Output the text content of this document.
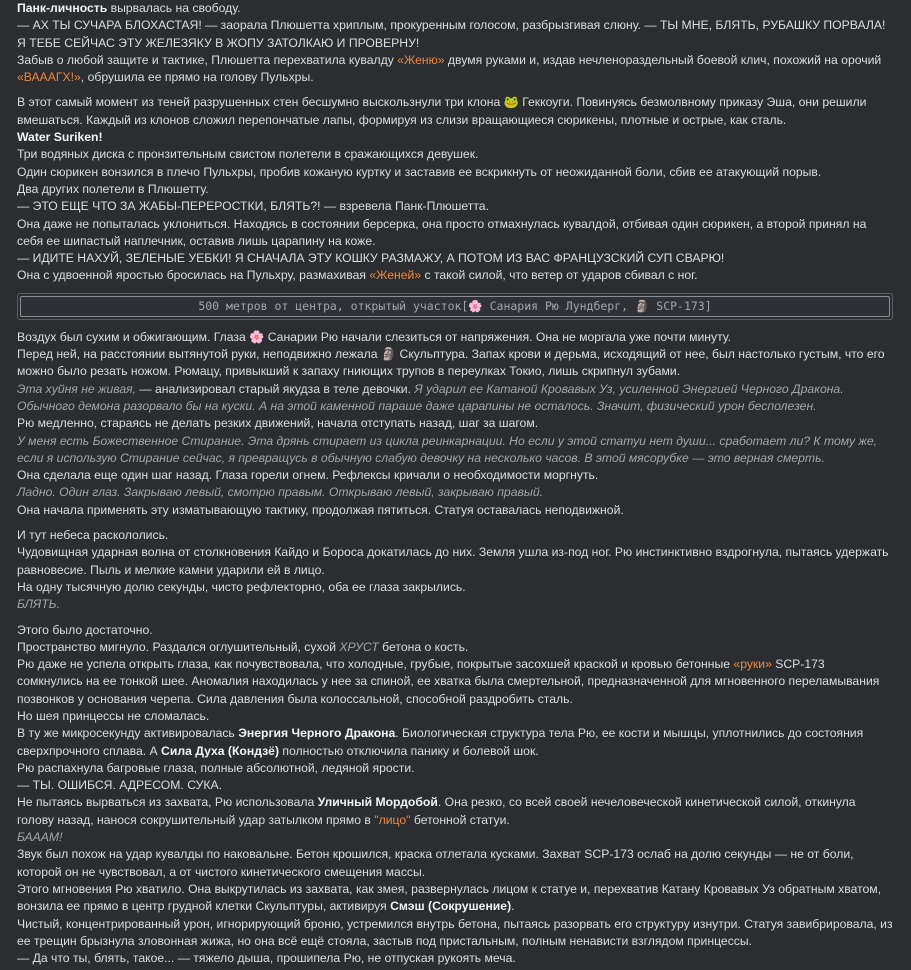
Панк-личность вырвалась на свободу.
— АХ ТЫ СУЧАРА БЛОХАСТАЯ! — заорала Плюшетта хриплым, прокуренным голосом, разбрызгивая слюну. — ТЫ МНЕ, БЛЯТЬ, РУБАШКУ ПОРВАЛА! Я ТЕБЕ СЕЙЧАС ЭТУ ЖЕЛЕЗЯКУ В ЖОПУ ЗАТОЛКАЮ И ПРОВЕРНУ!
Забыв о любой защите и тактике, Плюшетта перехватила кувалду «Женю» двумя руками и, издав нечленораздельный боевой клич, похожий на орочий «ВАААГХ!», обрушила ее прямо на голову Пульхры.
В этот самый момент из теней разрушенных стен бесшумно выскользнули три клона 🐸 Геккоуги. Повинуясь безмолвному приказу Эша, они решили вмешаться. Каждый из клонов сложил перепончатые лапы, формируя из слизи вращающиеся сюрикены, плотные и острые, как сталь.
Water Suriken!
Три водяных диска с пронзительным свистом полетели в сражающихся девушек.
Один сюрикен вонзился в плечо Пульхры, пробив кожаную куртку и заставив ее вскрикнуть от неожиданной боли, сбив ее атакующий порыв.
Два других полетели в Плюшетту.
— ЭТО ЕЩЕ ЧТО ЗА ЖАБЫ-ПЕРЕРОСТКИ, БЛЯТЬ?! — взревела Панк-Плюшетта.
Она даже не попыталась уклониться. Находясь в состоянии берсерка, она просто отмахнулась кувалдой, отбивая один сюрикен, а второй принял на себя ее шипастый наплечник, оставив лишь царапину на коже.
— ИДИТЕ НАХУЙ, ЗЕЛЕНЫЕ УЕБКИ! Я СНАЧАЛА ЭТУ КОШКУ РАЗМАЖУ, А ПОТОМ ИЗ ВАС ФРАНЦУЗСКИЙ СУП СВАРЮ!
Она с удвоенной яростью бросилась на Пульхру, размахивая «Женей» с такой силой, что ветер от ударов сбивал с ног.
500 метров от центра, открытый участок[🌸 Санария Рю Лундберг, 🗿 SCP-173]
Воздух был сухим и обжигающим. Глаза 🌸 Санарии Рю начали слезиться от напряжения. Она не моргала уже почти минуту.
Перед ней, на расстоянии вытянутой руки, неподвижно лежала 🗿 Скульптура. Запах крови и дерьма, исходящий от нее, был настолько густым, что его можно было резать ножом. Рюмацу, привыкший к запаху гниющих трупов в переулках Токио, лишь скрипнул зубами.
Эта хуйня не живая, — анализировал старый якудза в теле девочки. Я ударил ее Катаной Кровавых Уз, усиленной Энергией Черного Дракона. Обычного демона разорвало бы на куски. А на этой каменной параше даже царапины не осталось. Значит, физический урон бесполезен.
Рю медленно, стараясь не делать резких движений, начала отступать назад, шаг за шагом.
У меня есть Божественное Стирание. Эта дрянь стирает из цикла реинкарнации. Но если у этой статуи нет души... сработает ли? К тому же, если я использую Стирание сейчас, я превращусь в обычную слабую девочку на несколько часов. В этой мясорубке — это верная смерть.
Она сделала еще один шаг назад. Глаза горели огнем. Рефлексы кричали о необходимости моргнуть.
Ладно. Один глаз. Закрываю левый, смотрю правым. Открываю левый, закрываю правый.
Она начала применять эту изматывающую тактику, продолжая пятиться. Статуя оставалась неподвижной.
И тут небеса раскололись.
Чудовищная ударная волна от столкновения Кайдо и Бороса докатилась до них. Земля ушла из-под ног. Рю инстинктивно вздрогнула, пытаясь удержать равновесие. Пыль и мелкие камни ударили ей в лицо.
На одну тысячную долю секунды, чисто рефлекторно, оба ее глаза закрылись.
БЛЯТЬ.
Этого было достаточно.
Пространство мигнуло. Раздался оглушительный, сухой ХРУСТ бетона о кость.
Рю даже не успела открыть глаза, как почувствовала, что холодные, грубые, покрытые засохшей краской и кровью бетонные «руки» SCP-173 сомкнулись на ее тонкой шее. Аномалия находилась у нее за спиной, ее хватка была смертельной, предназначенной для мгновенного переламывания позвонков у основания черепа. Сила давления была колоссальной, способной раздробить сталь.
Но шея принцессы не сломалась.
В ту же микросекунду активировалась Энергия Черного Дракона. Биологическая структура тела Рю, ее кости и мышцы, уплотнились до состояния сверхпрочного сплава. А Сила Духа (Кондзё) полностью отключила панику и болевой шок.
Рю распахнула багровые глаза, полные абсолютной, ледяной ярости.
— ТЫ. ОШИБСЯ. АДРЕСОМ. СУКА.
Не пытаясь вырваться из захвата, Рю использовала Уличный Мордобой. Она резко, со всей своей нечеловеческой кинетической силой, откинула голову назад, нанося сокрушительный удар затылком прямо в "лицо" бетонной статуи.
БАААМ!
Звук был похож на удар кувалды по наковальне. Бетон крошился, краска отлетала кусками. Захват SCP-173 ослаб на долю секунды — не от боли, которой он не чувствовал, а от чистого кинетического смещения массы.
Этого мгновения Рю хватило. Она выкрутилась из захвата, как змея, развернулась лицом к статуе и, перехватив Катану Кровавых Уз обратным хватом, вонзила ее прямо в центр грудной клетки Скульптуры, активируя Смэш (Сокрушение).
Чистый, концентрированный урон, игнорирующий броню, устремился внутрь бетона, пытаясь разорвать его структуру изнутри. Статуя завибрировала, из ее трещин брызнула зловонная жижа, но она всё ещё стояла, застыв под пристальным, полным ненависти взглядом принцессы.
— Да что ты, блять, такое... — тяжело дыша, прошипела Рю, не отпуская рукоять меча.
